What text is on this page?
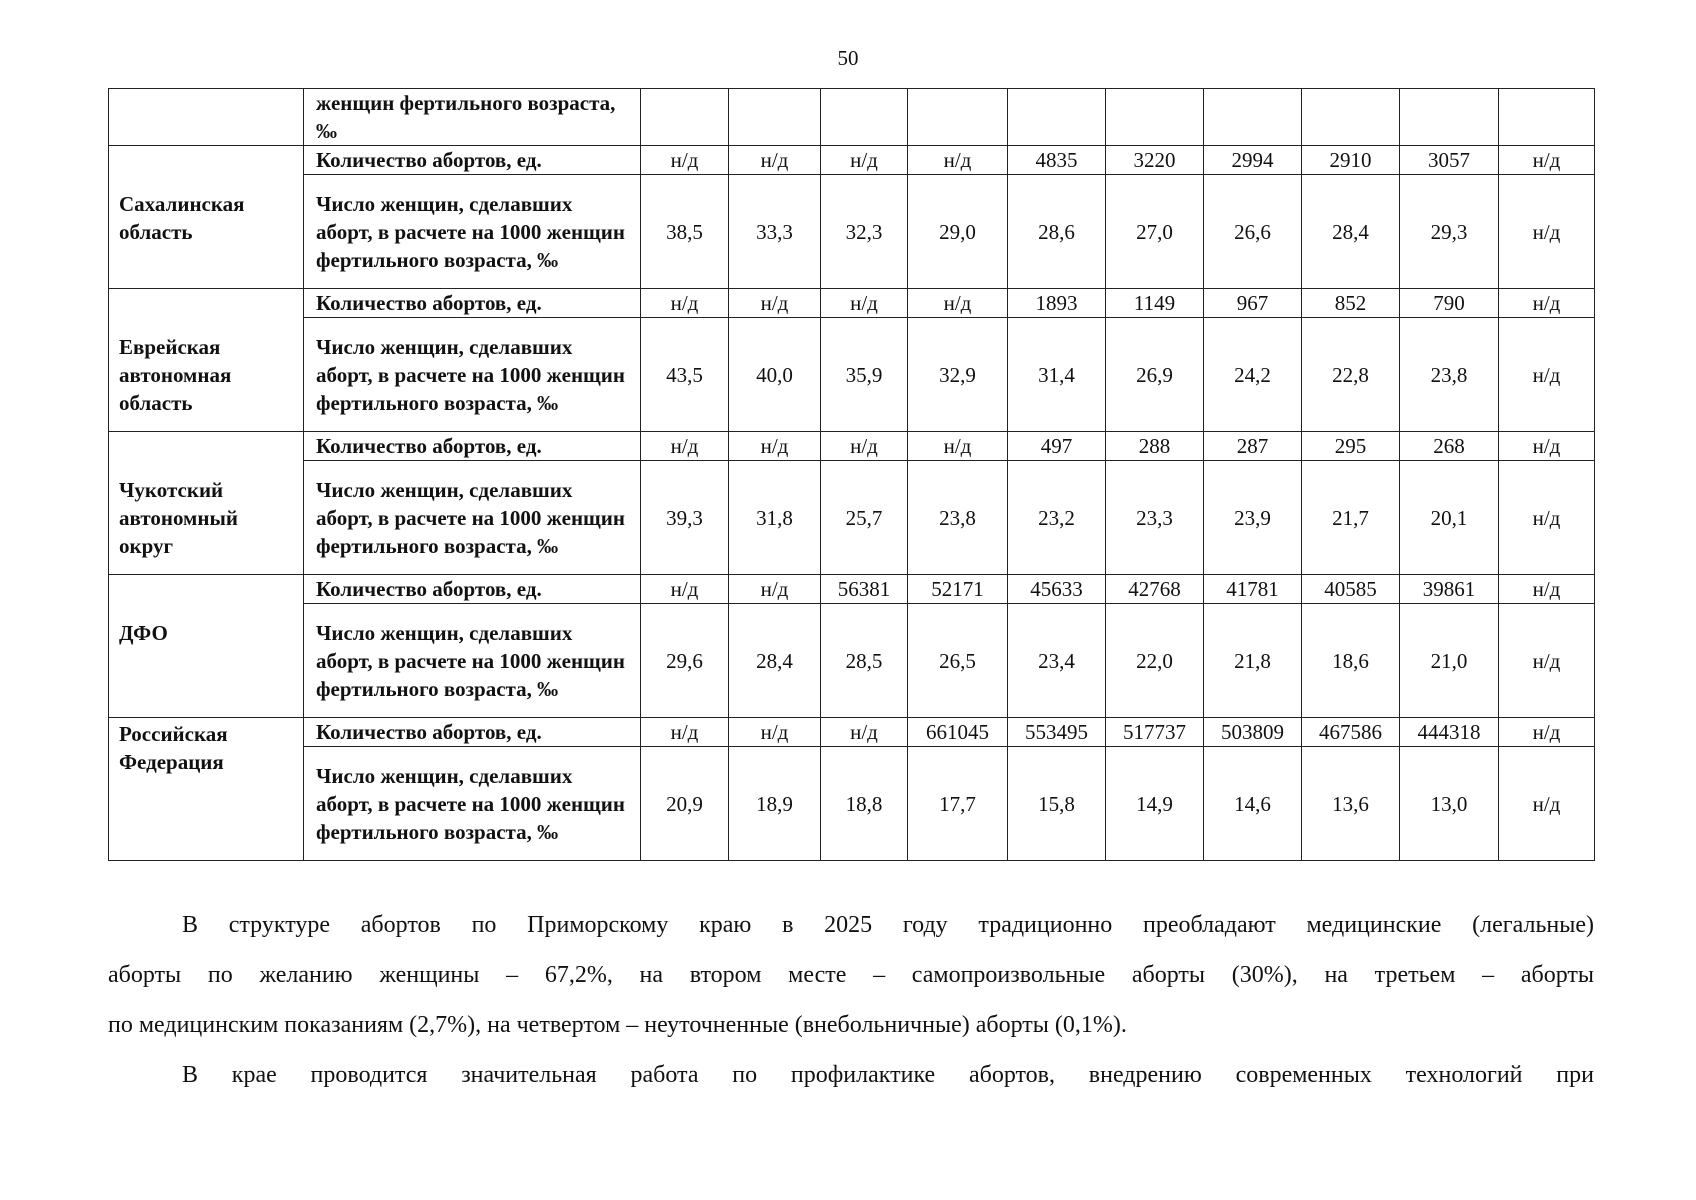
50
	женщин фертильного возраста, ‰										
Сахалинская область	Количество абортов, ед.	н/д	н/д	н/д	н/д	4835	3220	2994	2910	3057	н/д
	Число женщин, сделавших аборт, в расчете на 1000 женщин фертильного возраста, ‰	38,5	33,3	32,3	29,0	28,6	27,0	26,6	28,4	29,3	н/д
Еврейская автономная область	Количество абортов, ед.	н/д	н/д	н/д	н/д	1893	1149	967	852	790	н/д
	Число женщин, сделавших аборт, в расчете на 1000 женщин фертильного возраста, ‰	43,5	40,0	35,9	32,9	31,4	26,9	24,2	22,8	23,8	н/д
Чукотский автономный округ	Количество абортов, ед.	н/д	н/д	н/д	н/д	497	288	287	295	268	н/д
	Число женщин, сделавших аборт, в расчете на 1000 женщин фертильного возраста, ‰	39,3	31,8	25,7	23,8	23,2	23,3	23,9	21,7	20,1	н/д
ДФО	Количество абортов, ед.	н/д	н/д	56381	52171	45633	42768	41781	40585	39861	н/д
	Число женщин, сделавших аборт, в расчете на 1000 женщин фертильного возраста, ‰	29,6	28,4	28,5	26,5	23,4	22,0	21,8	18,6	21,0	н/д
Российская Федерация	Количество абортов, ед.	н/д	н/д	н/д	661045	553495	517737	503809	467586	444318	н/д
	Число женщин, сделавших аборт, в расчете на 1000 женщин фертильного возраста, ‰	20,9	18,9	18,8	17,7	15,8	14,9	14,6	13,6	13,0	н/д

В структуре абортов по Приморскому краю в 2025 году традиционно преобладают медицинские (легальные)

аборты по желанию женщины – 67,2%, на втором месте – самопроизвольные аборты (30%), на третьем – аборты

по медицинским показаниям (2,7%), на четвертом – неуточненные (внебольничные) аборты (0,1%).

В крае проводится значительная работа по профилактике абортов, внедрению современных технологий при
